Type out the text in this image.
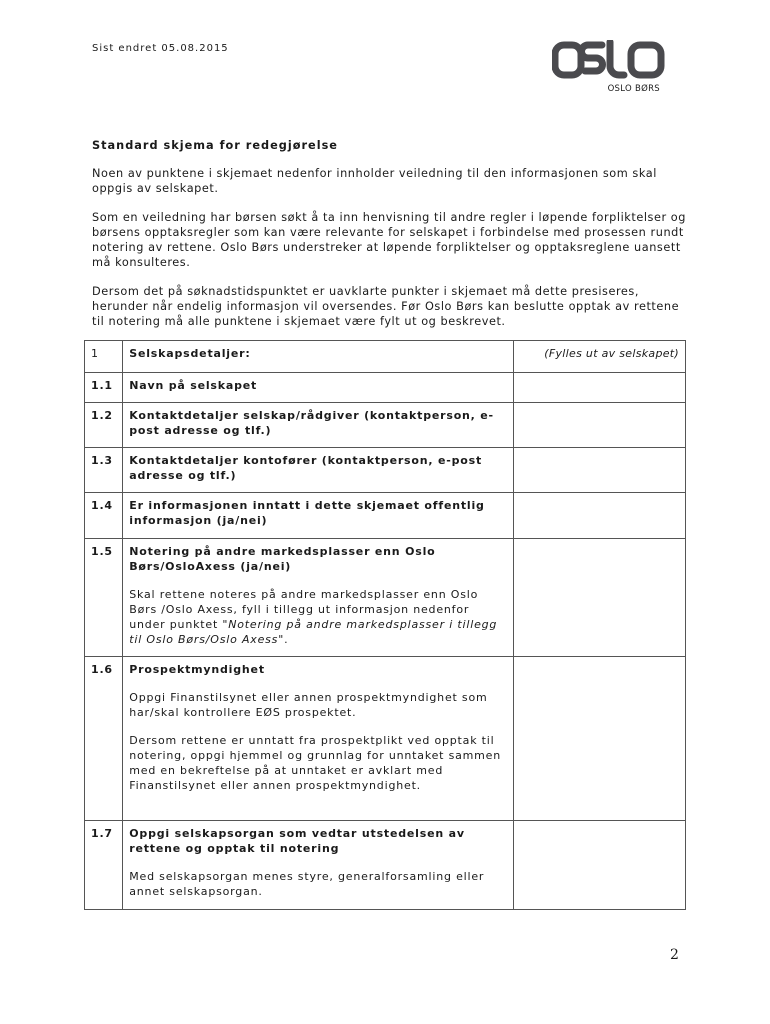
Sist endret 05.08.2015
OSLO BØRS
Standard skjema for redegjørelse

Noen av punktene i skjemaet nedenfor innholder veiledning til den informasjonen som skal oppgis av selskapet.

Som en veiledning har børsen søkt å ta inn henvisning til andre regler i løpende forpliktelser og børsens opptaksregler som kan være relevante for selskapet i forbindelse med prosessen rundt notering av rettene. Oslo Børs understreker at løpende forpliktelser og opptaksreglene uansett må konsulteres.

Dersom det på søknadstidspunktet er uavklarte punkter i skjemaet må dette presiseres, herunder når endelig informasjon vil oversendes. Før Oslo Børs kan beslutte opptak av rettene til notering må alle punktene i skjemaet være fylt ut og beskrevet.

1	Selskapsdetaljer:	(Fylles ut av selskapet)
1.1	Navn på selskapet	
1.2	Kontaktdetaljer selskap/rådgiver (kontaktperson, e-post adresse og tlf.)	
1.3	Kontaktdetaljer kontofører (kontaktperson, e-post adresse og tlf.)	
1.4	Er informasjonen inntatt i dette skjemaet offentlig informasjon (ja/nei)	
1.5	Notering på andre markedsplasser enn Oslo Børs/OsloAxess (ja/nei)
Skal rettene noteres på andre markedsplasser enn Oslo Børs /Oslo Axess, fyll i tillegg ut informasjon nedenfor under punktet "Notering på andre markedsplasser i tillegg til Oslo Børs/Oslo Axess".	

1.6	Prospektmyndighet
Oppgi Finanstilsynet eller annen prospektmyndighet som har/skal kontrollere EØS prospektet.
Dersom rettene er unntatt fra prospektplikt ved opptak til notering, oppgi hjemmel og grunnlag for unntaket sammen med en bekreftelse på at unntaket er avklart med Finanstilsynet eller annen prospektmyndighet.	

1.7	Oppgi selskapsorgan som vedtar utstedelsen av rettene og opptak til notering
Med selskapsorgan menes styre, generalforsamling eller annet selskapsorgan.	

2
